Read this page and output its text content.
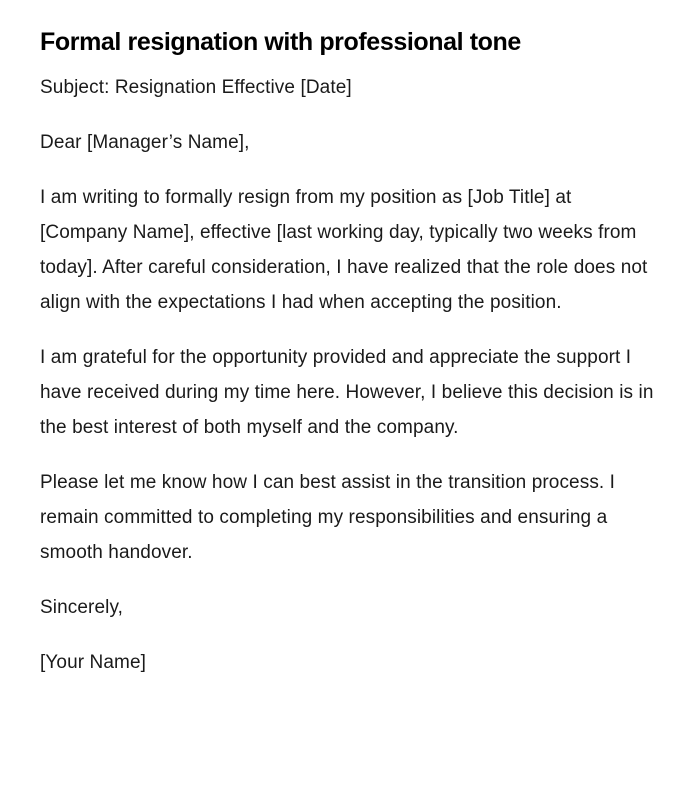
Formal resignation with professional tone

Subject: Resignation Effective [Date]

Dear [Manager’s Name],

I am writing to formally resign from my position as [Job Title] at [Company Name], effective [last working day, typically two weeks from today]. After careful consideration, I have realized that the role does not align with the expectations I had when accepting the position.

I am grateful for the opportunity provided and appreciate the support I have received during my time here. However, I believe this decision is in the best interest of both myself and the company.

Please let me know how I can best assist in the transition process. I remain committed to completing my responsibilities and ensuring a smooth handover.

Sincerely,

[Your Name]
